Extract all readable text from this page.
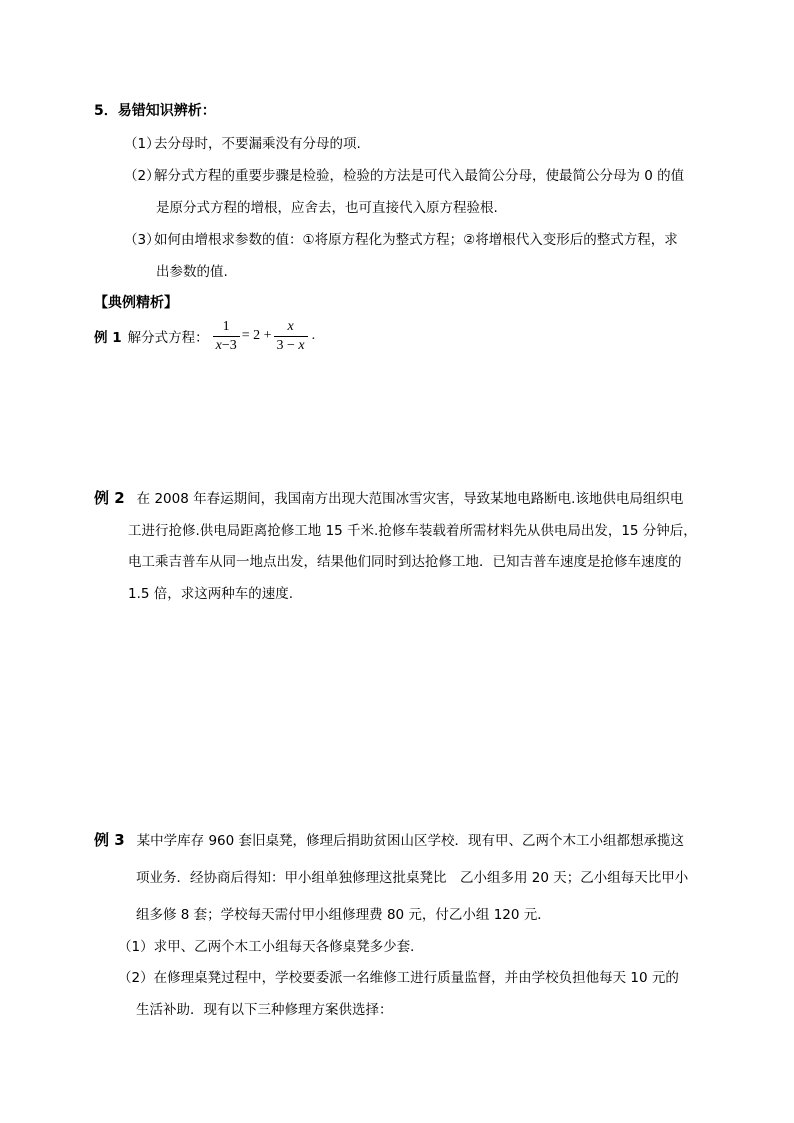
5．易错知识辨析：
（1）去分母时，不要漏乘没有分母的项.
（2）解分式方程的重要步骤是检验，检验的方法是可代入最简公分母，使最简公分母为 0 的值
是原分式方程的增根，应舍去，也可直接代入原方程验根.
（3）如何由增根求参数的值：①将原方程化为整式方程；②将增根代入变形后的整式方程，求
出参数的值.
【典例精析】
例 1 解分式方程： $\frac{1}{x-3} = 2 + \frac{x}{3 - x}$ .
例 2 在 2008 年春运期间，我国南方出现大范围冰雪灾害，导致某地电路断电.该地供电局组织电
工进行抢修.供电局距离抢修工地 15 千米.抢修车装载着所需材料先从供电局出发，15 分钟后，
电工乘吉普车从同一地点出发，结果他们同时到达抢修工地．已知吉普车速度是抢修车速度的
1.5 倍，求这两种车的速度.
例 3 某中学库存 960 套旧桌凳，修理后捐助贫困山区学校．现有甲、乙两个木工小组都想承揽这
项业务．经协商后得知：甲小组单独修理这批桌凳比　乙小组多用 20 天；乙小组每天比甲小
组多修 8 套；学校每天需付甲小组修理费 80 元，付乙小组 120 元．
（1）求甲、乙两个木工小组每天各修桌凳多少套．
（2）在修理桌凳过程中，学校要委派一名维修工进行质量监督，并由学校负担他每天 10 元的
生活补助．现有以下三种修理方案供选择：
